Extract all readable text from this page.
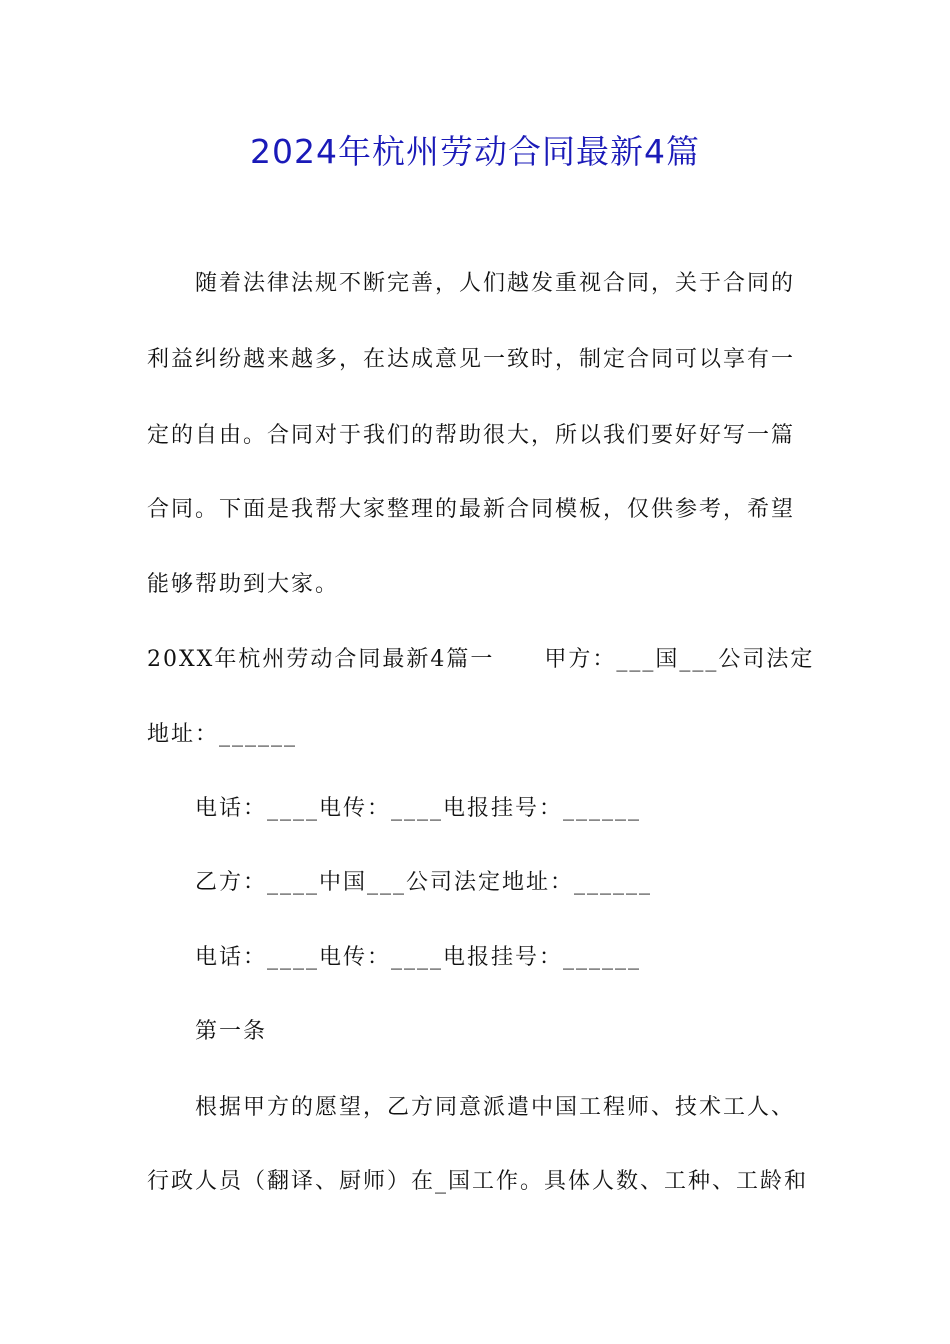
2024年杭州劳动合同最新4篇
随着法律法规不断完善，人们越发重视合同，关于合同的
利益纠纷越来越多，在达成意见一致时，制定合同可以享有一
定的自由。合同对于我们的帮助很大，所以我们要好好写一篇
合同。下面是我帮大家整理的最新合同模板，仅供参考，希望
能够帮助到大家。
20XX年杭州劳动合同最新4篇一 甲方：___国___公司法定
地址：______
电话：____电传：____电报挂号：______
乙方：____中国___公司法定地址：______
电话：____电传：____电报挂号：______
第一条
根据甲方的愿望，乙方同意派遣中国工程师、技术工人、
行政人员（翻译、厨师）在_国工作。具体人数、工种、工龄和
